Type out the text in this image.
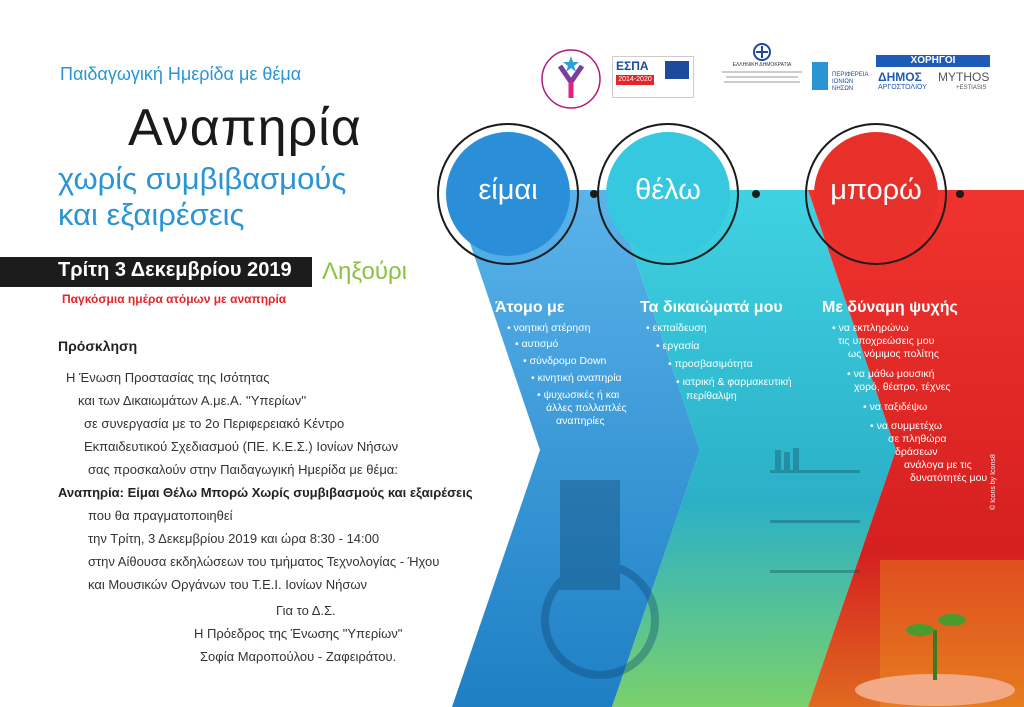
είμαι	θέλω	μπορώ
Άτομο με
• νοητική στέρηση
• αυτισμό
• σύνδρομο Down
• κινητική αναπηρία
• ψυχωσικές ή και
άλλες πολλαπλές
αναπηρίες
Τα δικαιώματά μου
• εκπαίδευση
• εργασία
• προσβασιμότητα
• ιατρική & φαρμακευτική
περίθαλψη
Με δύναμη ψυχής
• να εκπληρώνω
τις υποχρεώσεις μου
ως νόμιμος πολίτης
• να μάθω μουσική
χορό, θέατρο, τέχνες
• να ταξιδέψω
• να συμμετέχω
σε πληθώρα
δράσεων
ανάλογα με τις
δυνατότητές μου © Icons by Icons8
ΕΣΠΑ
2014-2020
ΕΛΛΗΝΙΚΗ ΔΗΜΟΚΡΑΤΙΑ
ΠΕΡΙΦΕΡΕΙΑ ΙΟΝΙΩΝ ΝΗΣΩΝ
ΧΟΡΗΓΟΙ
ΔΗΜΟΣ
ΑΡΓΟΣΤΟΛΙΟΥ
MYTHOS
+ESTIASIS
Παιδαγωγική Ημερίδα με θέμα
Αναπηρία
χωρίς συμβιβασμούς
και εξαιρέσεις
Τρίτη 3 Δεκεμβρίου 2019 Ληξούρι
Παγκόσμια ημέρα ατόμων με αναπηρία
Πρόσκληση
Η Ένωση Προστασίας της Ισότητας
και των Δικαιωμάτων Α.με.Α. ''Υπερίων''
σε συνεργασία με το 2ο Περιφερειακό Κέντρο
Εκπαιδευτικού Σχεδιασμού (ΠΕ. Κ.Ε.Σ.) Ιονίων Νήσων
σας προσκαλούν στην Παιδαγωγική Ημερίδα με θέμα:
Αναπηρία: Είμαι Θέλω Μπορώ Χωρίς συμβιβασμούς και εξαιρέσεις
που θα πραγματοποιηθεί
την Τρίτη, 3 Δεκεμβρίου 2019 και ώρα 8:30 - 14:00
στην Αίθουσα εκδηλώσεων του τμήματος Τεχνολογίας - Ήχου
και Μουσικών Οργάνων του Τ.Ε.Ι. Ιονίων Νήσων
Για το Δ.Σ.
Η Πρόεδρος της Ένωσης "Υπερίων"
Σοφία Μαροπούλου - Ζαφειράτου.
